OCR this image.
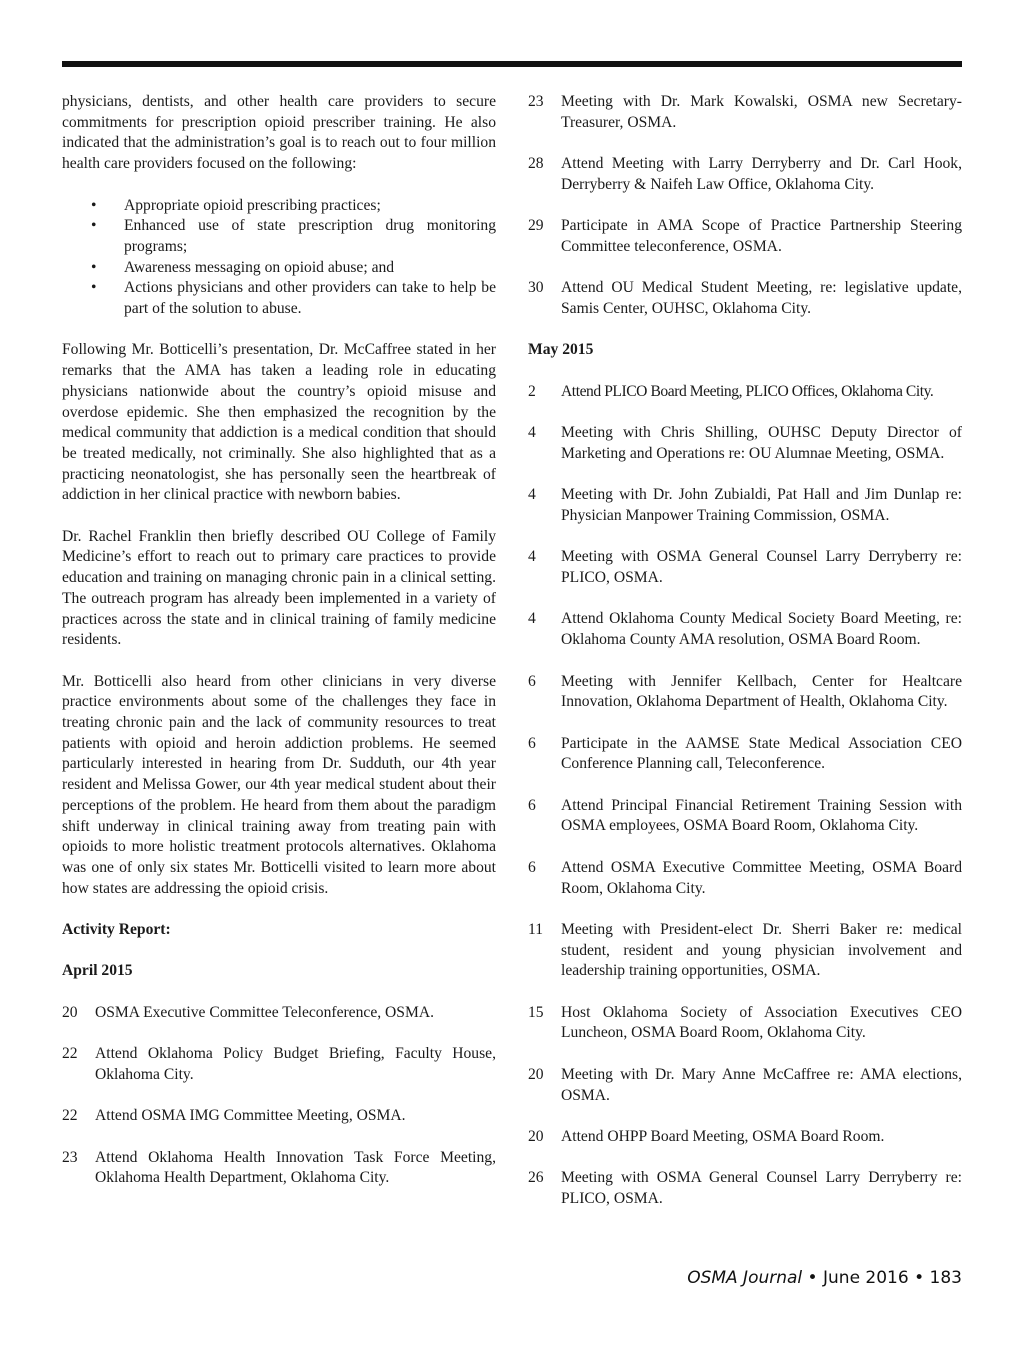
physicians, dentists, and other health care providers to secure commitments for prescription opioid prescriber training. He also indicated that the administration’s goal is to reach out to four million health care providers focused on the following:

• Appropriate opioid prescribing practices;
• Enhanced use of state prescription drug monitoring programs;
• Awareness messaging on opioid abuse; and
• Actions physicians and other providers can take to help be part of the solution to abuse.

Following Mr. Botticelli’s presentation, Dr. McCaffree stated in her remarks that the AMA has taken a leading role in educating physicians nationwide about the country’s opioid misuse and overdose epidemic. She then emphasized the recognition by the medical community that addiction is a medical condition that should be treated medically, not criminally. She also highlighted that as a practicing neonatologist, she has personally seen the heartbreak of addiction in her clinical practice with newborn babies.

Dr. Rachel Franklin then briefly described OU College of Family Medicine’s effort to reach out to primary care practices to provide education and training on managing chronic pain in a clinical setting. The outreach program has already been implemented in a variety of practices across the state and in clinical training of family medicine residents.

Mr. Botticelli also heard from other clinicians in very diverse practice environments about some of the challenges they face in treating chronic pain and the lack of community resources to treat patients with opioid and heroin addiction problems. He seemed particularly interested in hearing from Dr. Sudduth, our 4th year resident and Melissa Gower, our 4th year medical student about their perceptions of the problem. He heard from them about the paradigm shift underway in clinical training away from treating pain with opioids to more holistic treatment protocols alternatives. Oklahoma was one of only six states Mr. Botticelli visited to learn more about how states are addressing the opioid crisis.

Activity Report:
April 2015
20	OSMA Executive Committee Teleconference, OSMA.
22	Attend Oklahoma Policy Budget Briefing, Faculty House, Oklahoma City.
22	Attend OSMA IMG Committee Meeting, OSMA.
23	Attend Oklahoma Health Innovation Task Force Meeting, Oklahoma Health Department, Oklahoma City.
23	Meeting with Dr. Mark Kowalski, OSMA new Secretary-Treasurer, OSMA.
28	Attend Meeting with Larry Derryberry and Dr. Carl Hook, Derryberry & Naifeh Law Office, Oklahoma City.
29	Participate in AMA Scope of Practice Partnership Steering Committee teleconference, OSMA.
30	Attend OU Medical Student Meeting, re: legislative update, Samis Center, OUHSC, Oklahoma City.
May 2015
2	Attend PLICO Board Meeting, PLICO Offices, Oklahoma City.
4	Meeting with Chris Shilling, OUHSC Deputy Director of Marketing and Operations re: OU Alumnae Meeting, OSMA.
4	Meeting with Dr. John Zubialdi, Pat Hall and Jim Dunlap re: Physician Manpower Training Commission, OSMA.
4	Meeting with OSMA General Counsel Larry Derryberry re: PLICO, OSMA.
4	Attend Oklahoma County Medical Society Board Meeting, re: Oklahoma County AMA resolution, OSMA Board Room.
6	Meeting with Jennifer Kellbach, Center for Healtcare Innovation, Oklahoma Department of Health, Oklahoma City.
6	Participate in the AAMSE State Medical Association CEO Conference Planning call, Teleconference.
6	Attend Principal Financial Retirement Training Session with OSMA employees, OSMA Board Room, Oklahoma City.
6	Attend OSMA Executive Committee Meeting, OSMA Board Room, Oklahoma City.
11	Meeting with President-elect Dr. Sherri Baker re: medical student, resident and young physician involvement and leadership training opportunities, OSMA.
15	Host Oklahoma Society of Association Executives CEO Luncheon, OSMA Board Room, Oklahoma City.
20	Meeting with Dr. Mary Anne McCaffree re: AMA elections, OSMA.
20	Attend OHPP Board Meeting, OSMA Board Room.
26	Meeting with OSMA General Counsel Larry Derryberry re: PLICO, OSMA.
OSMA Journal • June 2016 • 183
